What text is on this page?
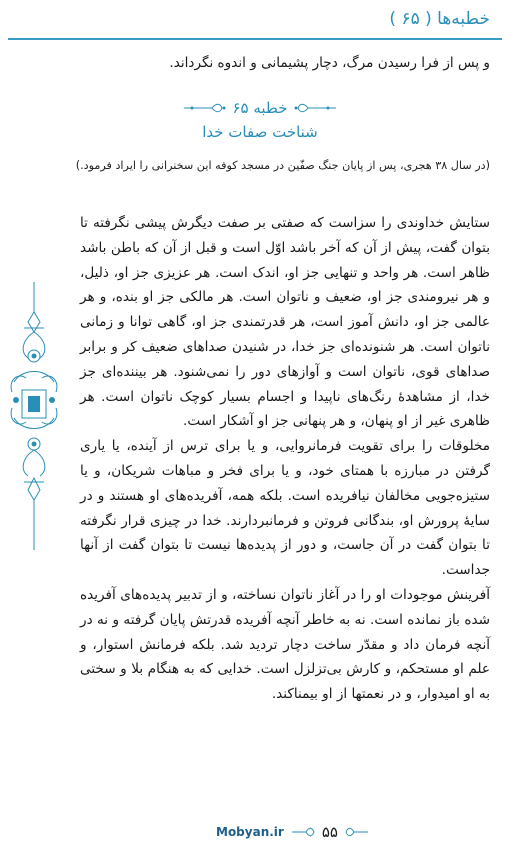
خطبه‌ها ( ۶۵ )
و پس از فرا رسیدن مرگ، دچار پشیمانی و اندوه نگرداند.
خطبه ۶۵
شناخت صفات خدا
(در سال ۳۸ هجری، پس از پایان جنگ صفّین در مسجد کوفه این سخنرانی را ایراد فرمود.)

ستایش خداوندی را سزاست که صفتی بر صفت دیگرش پیشی نگرفته تا بتوان گفت، پیش از آن که آخر باشد اوّل است و قبل از آن که باطن باشد ظاهر است. هر واحد و تنهایی جز او، اندک است. هر عزیزی جز او، ذلیل، و هر نیرومندی جز او، ضعیف و ناتوان است. هر مالکی جز او بنده، و هر عالمی جز او، دانش آموز است، هر قدرتمندی جز او، گاهی توانا و زمانی ناتوان است. هر شنونده‌ای جز خدا، در شنیدن صداهای ضعیف کر و برابر صداهای قوی، ناتوان است و آوازهای دور را نمی‌شنود. هر بیننده‌ای جز خدا، از مشاهدۀ رنگ‌های ناپیدا و اجسام بسیار کوچک ناتوان است. هر ظاهری غیر از او پنهان، و هر پنهانی جز او آشکار است.

مخلوقات را برای تقویت فرمانروایی، و یا برای ترس از آینده، یا یاری گرفتن در مبارزه با همتای خود، و یا برای فخر و مباهات شریکان، و یا ستیزه‌جویی مخالفان نیافریده است. بلکه همه، آفریده‌های او هستند و در سایۀ پرورش او، بندگانی فروتن و فرمانبردارند. خدا در چیزی قرار نگرفته تا بتوان گفت در آن جاست، و دور از پدیده‌ها نیست تا بتوان گفت از آنها جداست.

آفرینش موجودات او را در آغاز ناتوان نساخته، و از تدبیر پدیده‌های آفریده شده باز نمانده است. نه به خاطر آنچه آفریده قدرتش پایان گرفته و نه در آنچه فرمان داد و مقدّر ساخت دچار تردید شد. بلکه فرمانش استوار، و علم او مستحکم، و کارش بی‌تزلزل است. خدایی که به هنگام بلا و سختی به او امیدوار، و در نعمتها از او بیمناکند.

Mobyan.ir	۵۵
